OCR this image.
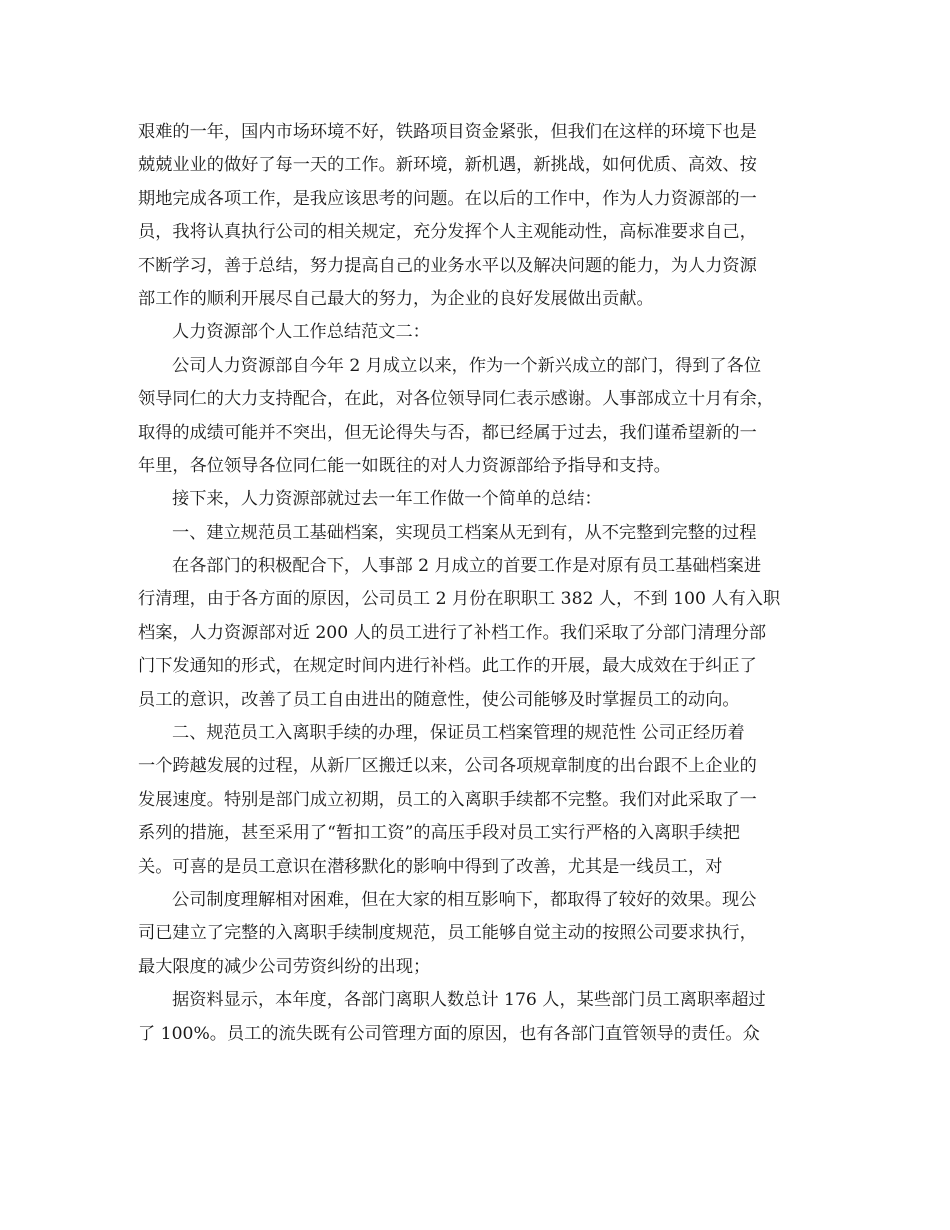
艰难的一年，国内市场环境不好，铁路项目资金紧张，但我们在这样的环境下也是
兢兢业业的做好了每一天的工作。新环境，新机遇，新挑战，如何优质、高效、按
期地完成各项工作，是我应该思考的问题。在以后的工作中，作为人力资源部的一
员，我将认真执行公司的相关规定，充分发挥个人主观能动性，高标准要求自己，
不断学习，善于总结，努力提高自己的业务水平以及解决问题的能力，为人力资源
部工作的顺利开展尽自己最大的努力，为企业的良好发展做出贡献。
人力资源部个人工作总结范文二：
公司人力资源部自今年 2 月成立以来，作为一个新兴成立的部门，得到了各位
领导同仁的大力支持配合，在此，对各位领导同仁表示感谢。人事部成立十月有余，
取得的成绩可能并不突出，但无论得失与否，都已经属于过去，我们谨希望新的一
年里，各位领导各位同仁能一如既往的对人力资源部给予指导和支持。
接下来，人力资源部就过去一年工作做一个简单的总结：
一、建立规范员工基础档案，实现员工档案从无到有，从不完整到完整的过程
在各部门的积极配合下，人事部 2 月成立的首要工作是对原有员工基础档案进
行清理，由于各方面的原因，公司员工 2 月份在职职工 382 人，不到 100 人有入职
档案，人力资源部对近 200 人的员工进行了补档工作。我们采取了分部门清理分部
门下发通知的形式，在规定时间内进行补档。此工作的开展，最大成效在于纠正了
员工的意识，改善了员工自由进出的随意性，使公司能够及时掌握员工的动向。
二、规范员工入离职手续的办理，保证员工档案管理的规范性 公司正经历着
一个跨越发展的过程，从新厂区搬迁以来，公司各项规章制度的出台跟不上企业的
发展速度。特别是部门成立初期，员工的入离职手续都不完整。我们对此采取了一
系列的措施，甚至采用了“暂扣工资”的高压手段对员工实行严格的入离职手续把
关。可喜的是员工意识在潜移默化的影响中得到了改善，尤其是一线员工，对
公司制度理解相对困难，但在大家的相互影响下，都取得了较好的效果。现公
司已建立了完整的入离职手续制度规范，员工能够自觉主动的按照公司要求执行，
最大限度的减少公司劳资纠纷的出现；
据资料显示，本年度，各部门离职人数总计 176 人，某些部门员工离职率超过
了 100%。员工的流失既有公司管理方面的原因，也有各部门直管领导的责任。众
